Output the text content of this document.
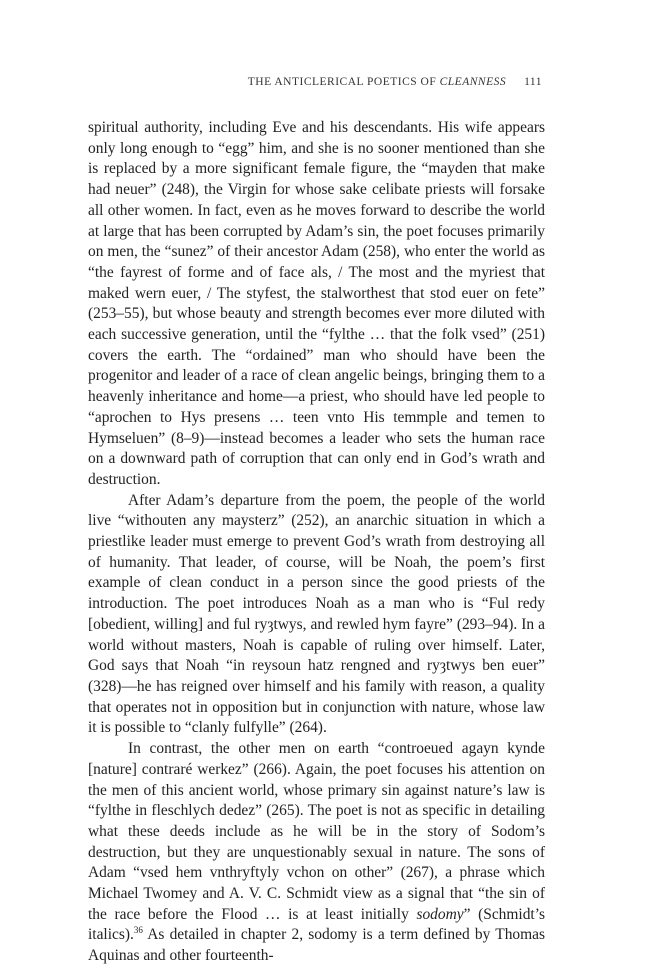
THE ANTICLERICAL POETICS OF CLEANNESS 111

spiritual authority, including Eve and his descendants. His wife appears only long enough to “egg” him, and she is no sooner mentioned than she is replaced by a more significant female figure, the “mayden that make had neuer” (248), the Virgin for whose sake celibate priests will forsake all other women. In fact, even as he moves forward to describe the world at large that has been corrupted by Adam’s sin, the poet focuses primarily on men, the “sunez” of their ancestor Adam (258), who enter the world as “the fayrest of forme and of face als, / The most and the myriest that maked wern euer, / The styfest, the stalworthest that stod euer on fete” (253–55), but whose beauty and strength becomes ever more diluted with each successive generation, until the “fylthe … that the folk vsed” (251) covers the earth. The “ordained” man who should have been the progenitor and leader of a race of clean angelic beings, bringing them to a heavenly inheritance and home—a priest, who should have led people to “aprochen to Hys presens … teen vnto His temmple and temen to Hymseluen” (8–9)—instead becomes a leader who sets the human race on a downward path of corruption that can only end in God’s wrath and destruction.

After Adam’s departure from the poem, the people of the world live “withouten any maysterz” (252), an anarchic situation in which a priestlike leader must emerge to prevent God’s wrath from destroying all of humanity. That leader, of course, will be Noah, the poem’s first example of clean conduct in a person since the good priests of the introduction. The poet introduces Noah as a man who is “Ful redy [obedient, willing] and ful ryȝtwys, and rewled hym fayre” (293–94). In a world without masters, Noah is capable of ruling over himself. Later, God says that Noah “in reysoun hatz rengned and ryȝtwys ben euer” (328)—he has reigned over himself and his family with reason, a quality that operates not in opposition but in conjunction with nature, whose law it is possible to “clanly fulfylle” (264).

In contrast, the other men on earth “controeued agayn kynde [nature] contraré werkez” (266). Again, the poet focuses his attention on the men of this ancient world, whose primary sin against nature’s law is “fylthe in fleschlych dedez” (265). The poet is not as specific in detailing what these deeds include as he will be in the story of Sodom’s destruction, but they are unquestionably sexual in nature. The sons of Adam “vsed hem vnthryftyly vchon on other” (267), a phrase which Michael Twomey and A. V. C. Schmidt view as a signal that “the sin of the race before the Flood … is at least initially sodomy” (Schmidt’s italics).$^{36}$ As detailed in chapter 2, sodomy is a term defined by Thomas Aquinas and other fourteenth-
